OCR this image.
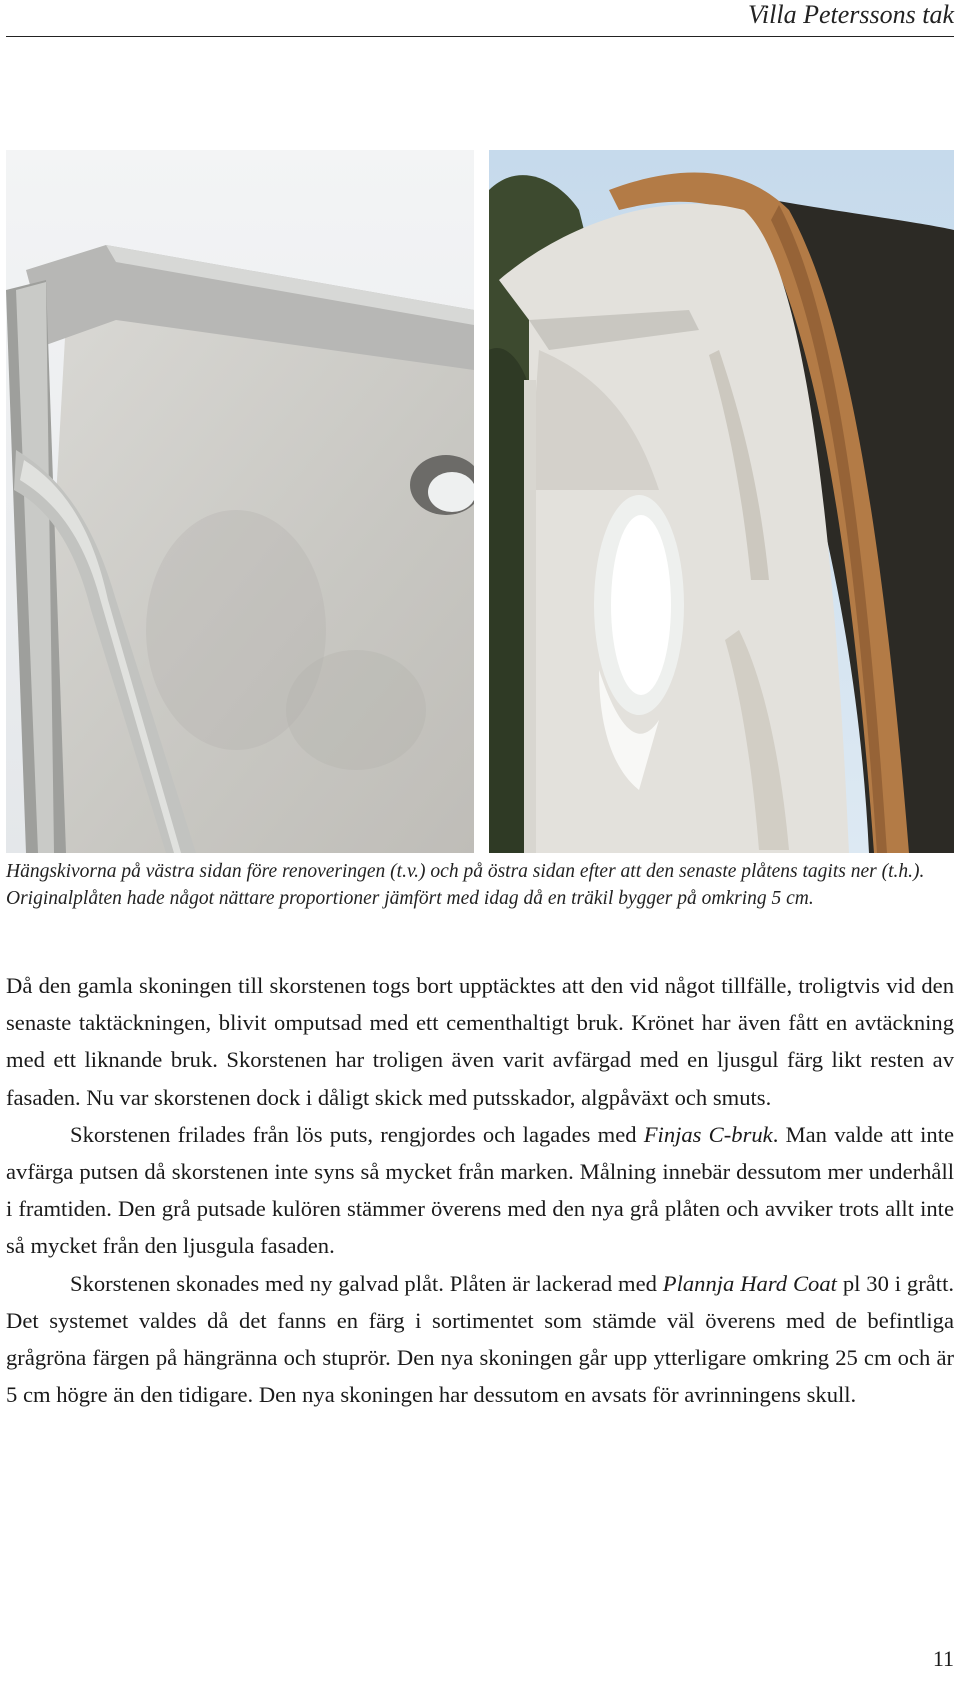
Villa Peterssons tak
Hängskivorna på västra sidan före renoveringen (t.v.) och på östra sidan efter att den senaste plåtens tagits ner (t.h.). Originalplåten hade något nättare proportioner jämfört med idag då en träkil bygger på omkring 5 cm.

Då den gamla skoningen till skorstenen togs bort upptäcktes att den vid något tillfälle, troligtvis vid den senaste taktäckningen, blivit omputsad med ett cementhaltigt bruk. Krönet har även fått en avtäckning med ett liknande bruk. Skorstenen har troligen även varit avfärgad med en ljusgul färg likt resten av fasaden. Nu var skorstenen dock i dåligt skick med putsskador, algpåväxt och smuts.

Skorstenen frilades från lös puts, rengjordes och lagades med Finjas C-bruk. Man valde att inte avfärga putsen då skorstenen inte syns så mycket från marken. Målning innebär dessutom mer underhåll i framtiden. Den grå putsade kulören stämmer överens med den nya grå plåten och avviker trots allt inte så mycket från den ljusgula fasaden.

Skorstenen skonades med ny galvad plåt. Plåten är lackerad med Plannja Hard Coat pl 30 i grått. Det systemet valdes då det fanns en färg i sortimentet som stämde väl överens med de befintliga grågröna färgen på hängränna och stuprör. Den nya skoningen går upp ytterligare omkring 25 cm och är 5 cm högre än den tidigare. Den nya skoningen har dessutom en avsats för avrinningens skull.

11
